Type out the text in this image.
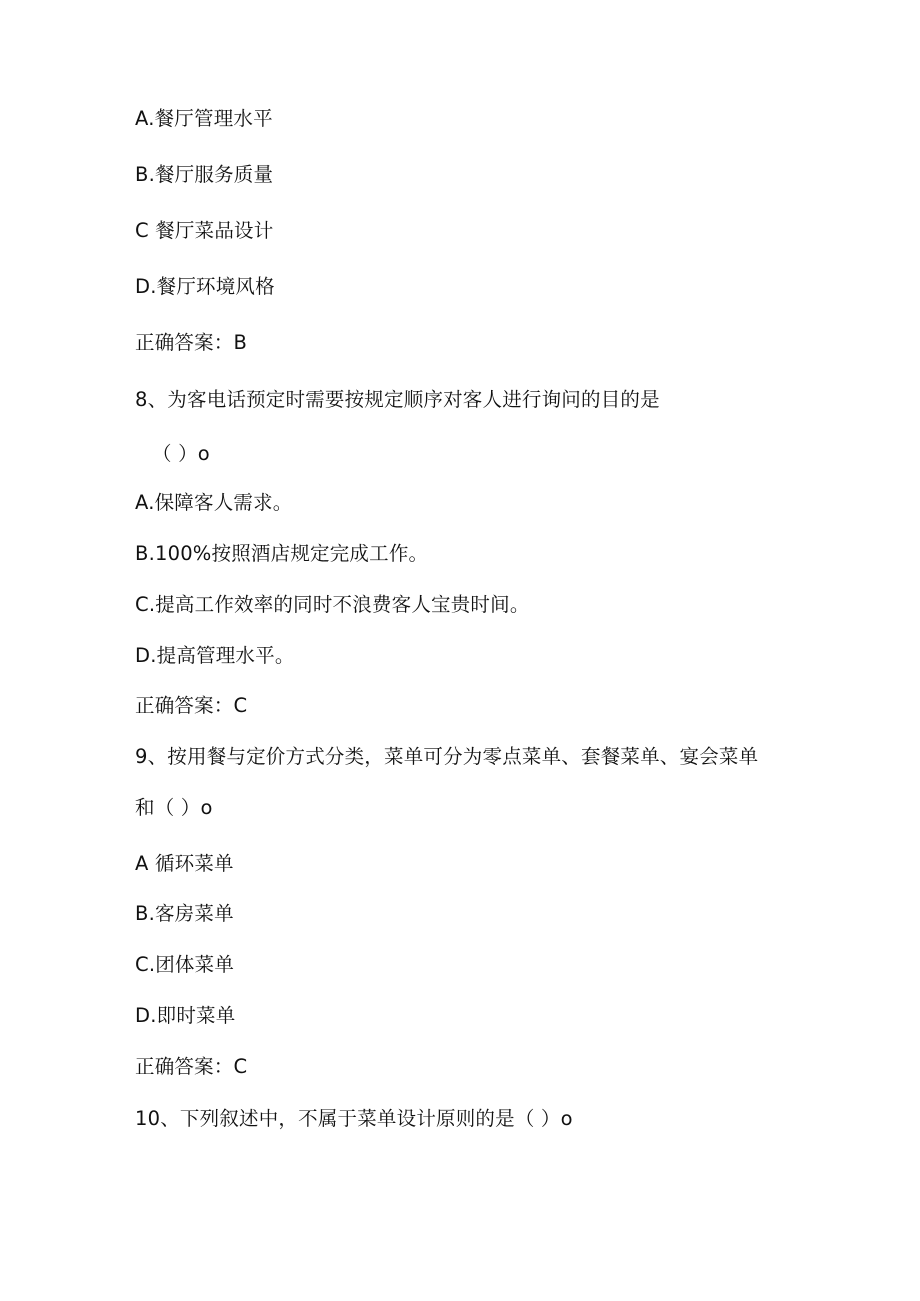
A.餐厅管理水平
B.餐厅服务质量
C 餐厅菜品设计
D.餐厅环境风格
正确答案：B
8、为客电话预定时需要按规定顺序对客人进行询问的目的是
（ ）o
A.保障客人需求。
B.100%按照酒店规定完成工作。
C.提高工作效率的同时不浪费客人宝贵时间。
D.提高管理水平。
正确答案：C
9、按用餐与定价方式分类，菜单可分为零点菜单、套餐菜单、宴会菜单
和（ ）o
A 循环菜单
B.客房菜单
C.团体菜单
D.即时菜单
正确答案：C
10、下列叙述中，不属于菜单设计原则的是（ ）o
